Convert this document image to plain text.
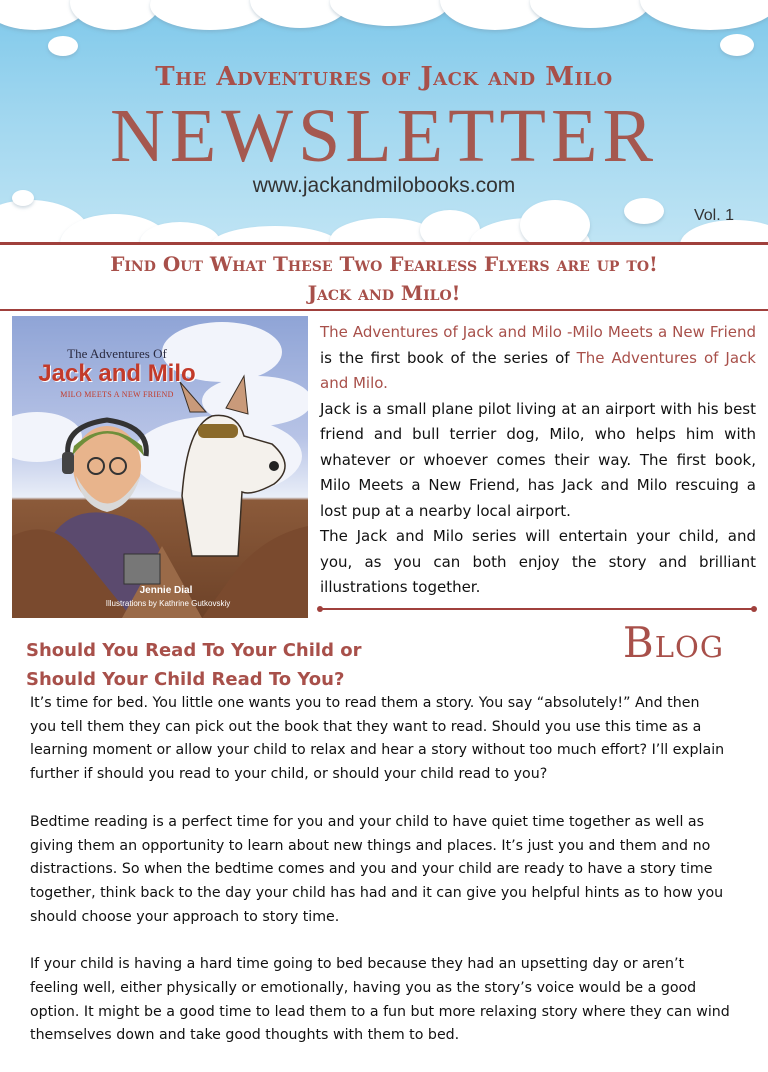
The Adventures of Jack and Milo
NEWSLETTER
www.jackandmilobooks.com
Vol. 1
Find Out What These Two Fearless Flyers are up to!
Jack and Milo!
The Adventures Of
Jack and Milo
MILO MEETS A NEW FRIEND
Jennie Dial
Illustrations by Kathrine Gutkovskiy

The Adventures of Jack and Milo -Milo Meets a New Friend is the first book of the series of The Adventures of Jack and Milo.

Jack is a small plane pilot living at an airport with his best friend and bull terrier dog, Milo, who helps him with whatever or whoever comes their way. The first book, Milo Meets a New Friend, has Jack and Milo rescuing a lost pup at a nearby local airport.

The Jack and Milo series will entertain your child, and you, as you can both enjoy the story and brilliant illustrations together.

Should You Read To Your Child or
Should Your Child Read To You?
Blog

It’s time for bed. You little one wants you to read them a story. You say “absolutely!” And then you tell them they can pick out the book that they want to read. Should you use this time as a learning moment or allow your child to relax and hear a story without too much effort? I’ll explain further if should you read to your child, or should your child read to you?

Bedtime reading is a perfect time for you and your child to have quiet time together as well as giving them an opportunity to learn about new things and places. It’s just you and them and no distractions. So when the bedtime comes and you and your child are ready to have a story time together, think back to the day your child has had and it can give you helpful hints as to how you should choose your approach to story time.

If your child is having a hard time going to bed because they had an upsetting day or aren’t feeling well, either physically or emotionally, having you as the story’s voice would be a good option. It might be a good time to lead them to a fun but more relaxing story where they can wind themselves down and take good thoughts with them to bed.
